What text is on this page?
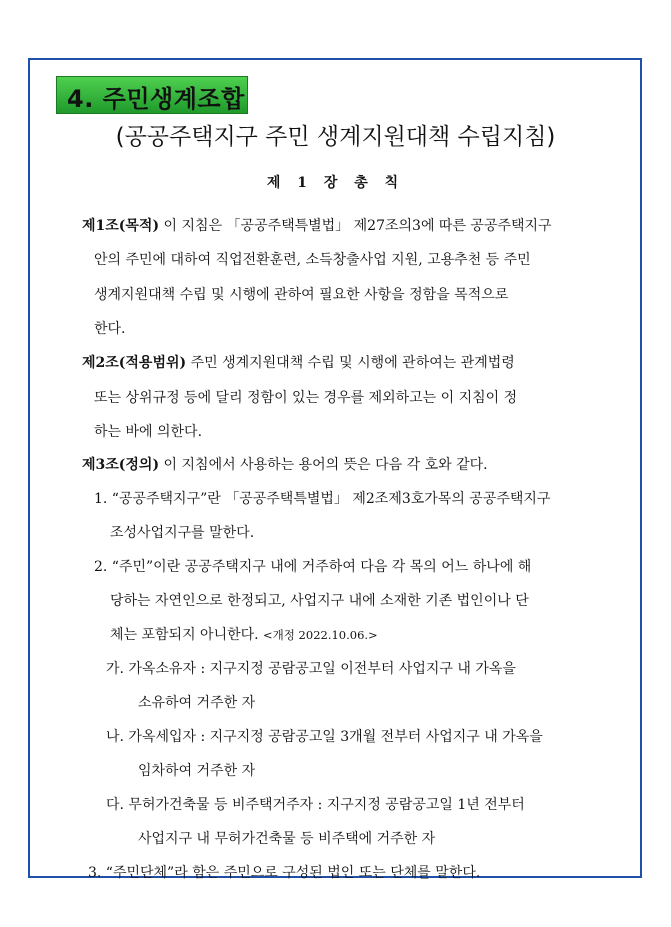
4. 주민생계조합
(공공주택지구 주민 생계지원대책 수립지침)
제 1 장 총 칙
제1조(목적) 이 지침은 「공공주택특별법」 제27조의3에 따른 공공주택지구
안의 주민에 대하여 직업전환훈련, 소득창출사업 지원, 고용추천 등 주민
생계지원대책 수립 및 시행에 관하여 필요한 사항을 정함을 목적으로
한다.
제2조(적용범위) 주민 생계지원대책 수립 및 시행에 관하여는 관계법령
또는 상위규정 등에 달리 정함이 있는 경우를 제외하고는 이 지침이 정
하는 바에 의한다.
제3조(정의) 이 지침에서 사용하는 용어의 뜻은 다음 각 호와 같다.
1. “공공주택지구”란 「공공주택특별법」 제2조제3호가목의 공공주택지구
조성사업지구를 말한다.
2. “주민”이란 공공주택지구 내에 거주하여 다음 각 목의 어느 하나에 해
당하는 자연인으로 한정되고, 사업지구 내에 소재한 기존 법인이나 단
체는 포함되지 아니한다. <개정 2022.10.06.>
가. 가옥소유자 : 지구지정 공람공고일 이전부터 사업지구 내 가옥을
소유하여 거주한 자
나. 가옥세입자 : 지구지정 공람공고일 3개월 전부터 사업지구 내 가옥을
임차하여 거주한 자
다. 무허가건축물 등 비주택거주자 : 지구지정 공람공고일 1년 전부터
사업지구 내 무허가건축물 등 비주택에 거주한 자
3. “주민단체”라 함은 주민으로 구성된 법인 또는 단체를 말한다.
